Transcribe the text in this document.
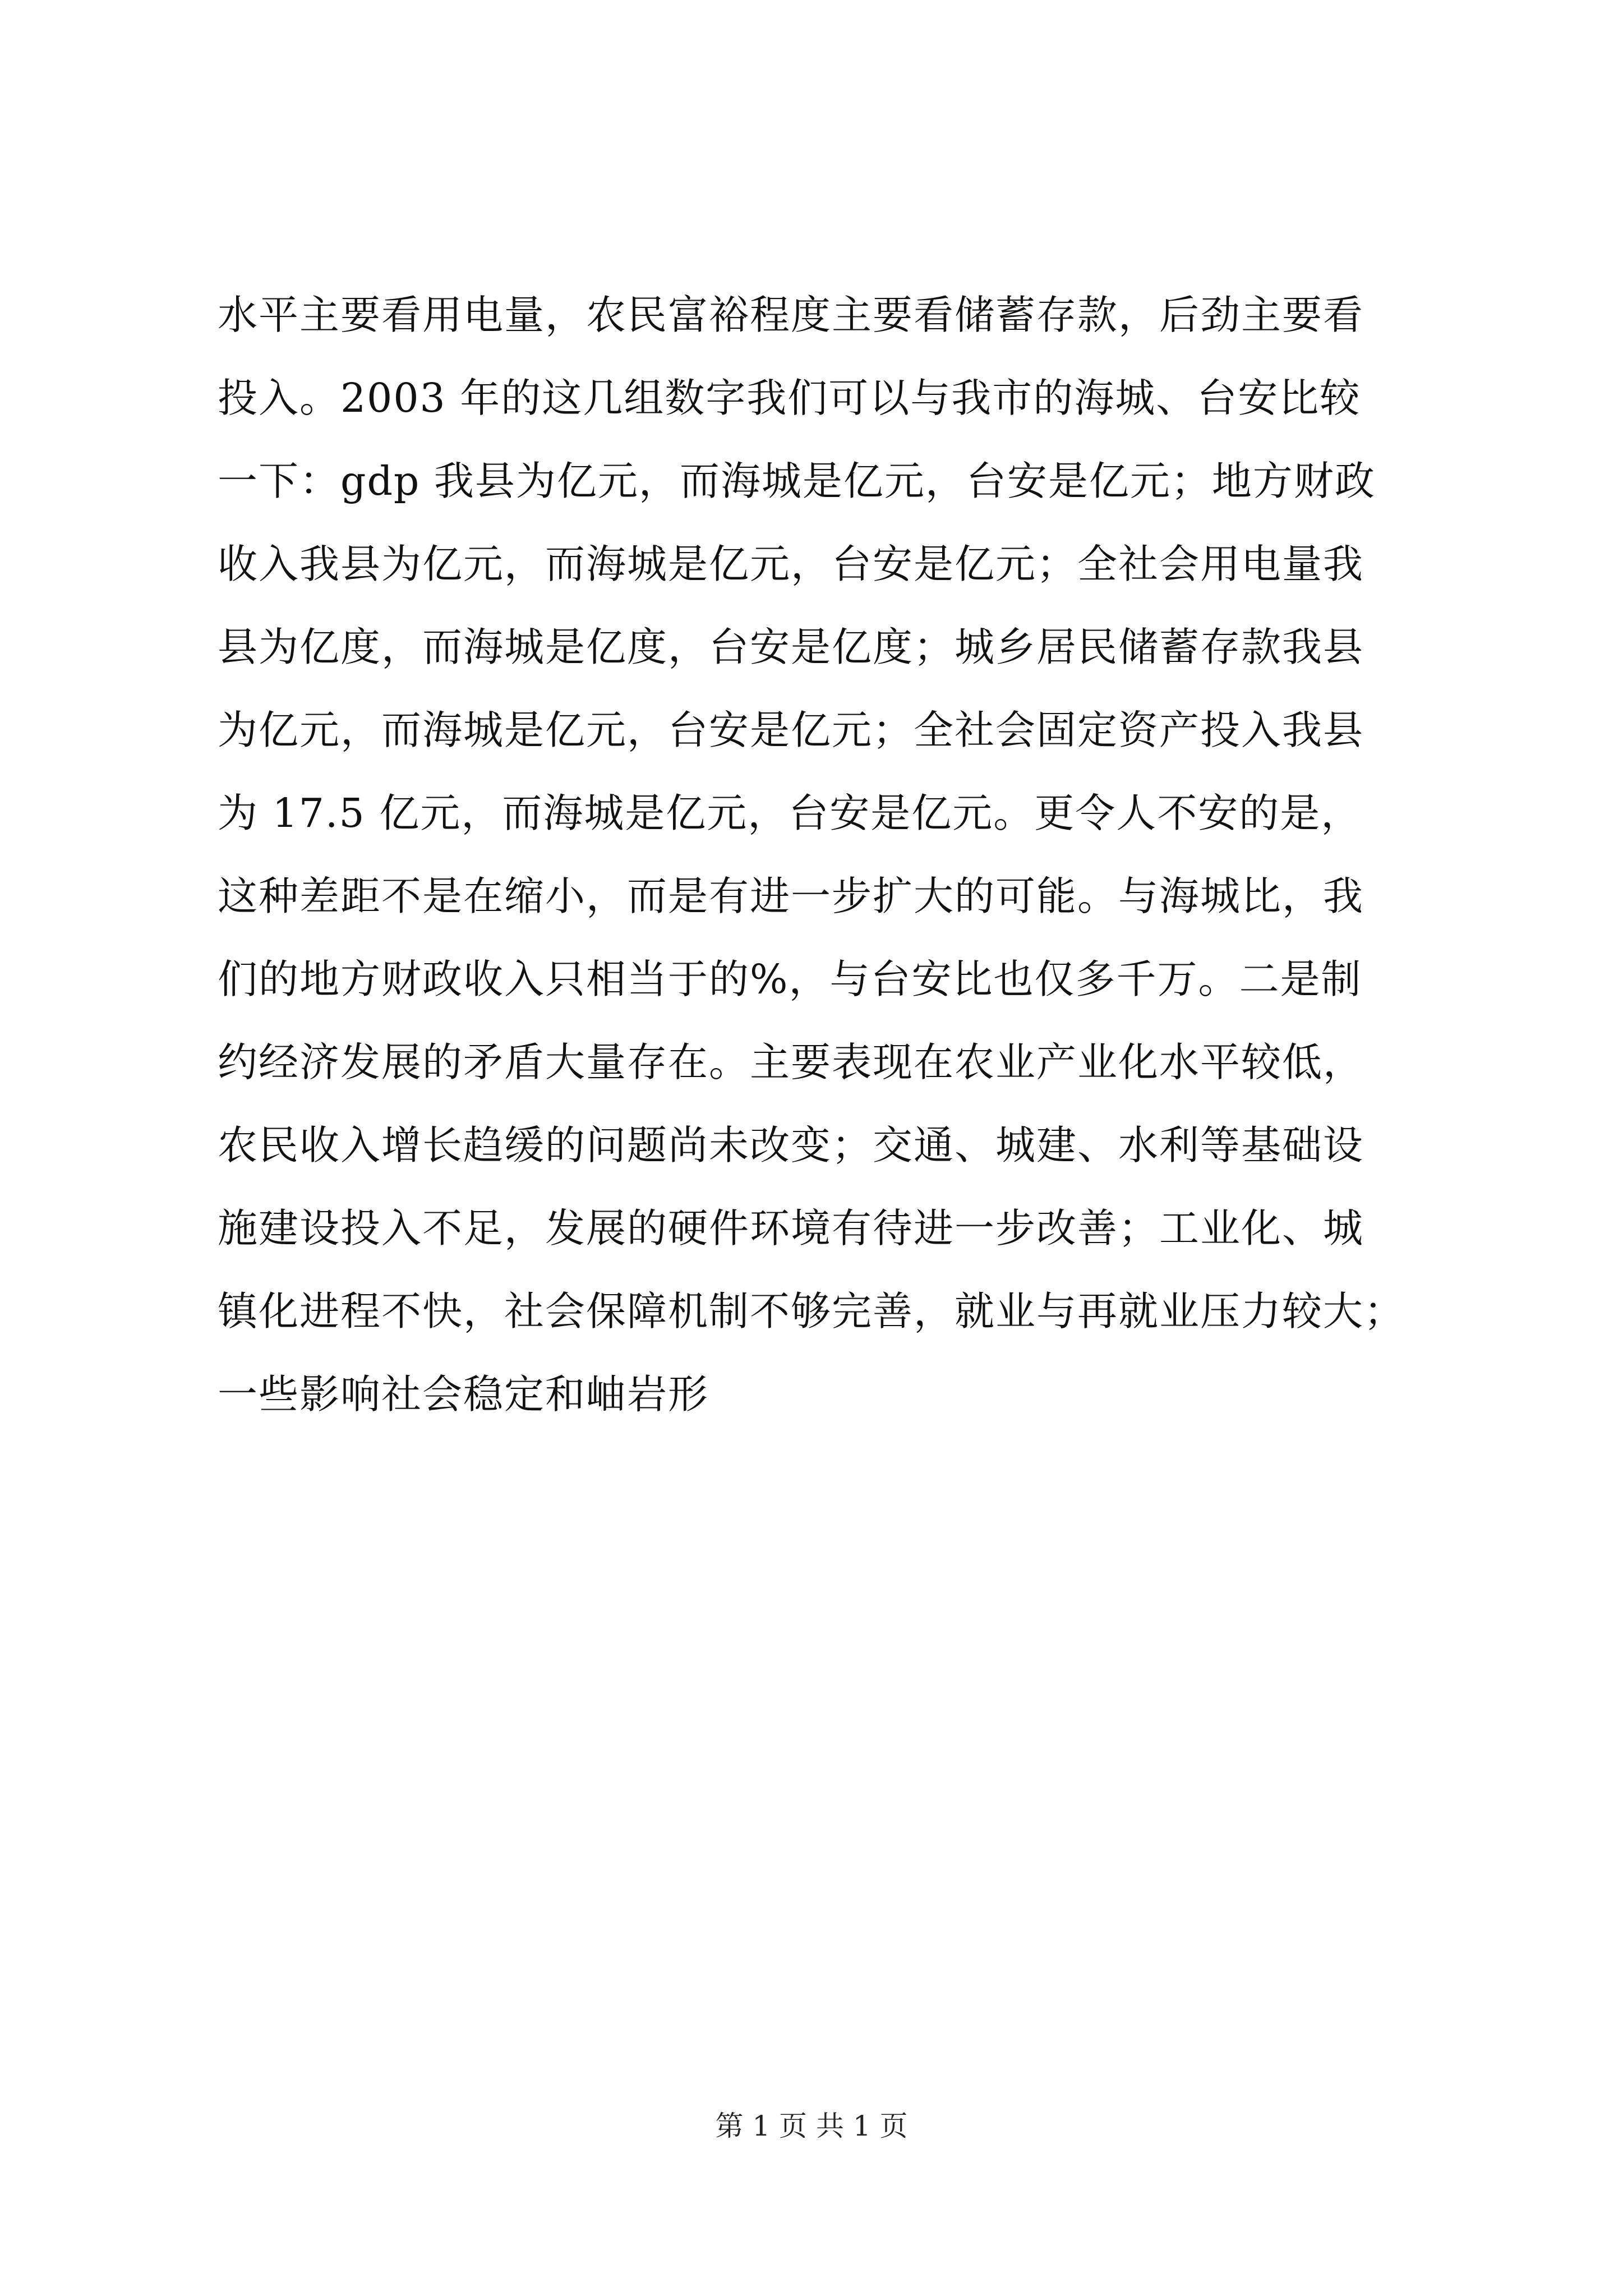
水平主要看用电量，农民富裕程度主要看储蓄存款，后劲主要看
投入。2003 年的这几组数字我们可以与我市的海城、台安比较
一下：gdp 我县为亿元，而海城是亿元，台安是亿元；地方财政
收入我县为亿元，而海城是亿元，台安是亿元；全社会用电量我
县为亿度，而海城是亿度，台安是亿度；城乡居民储蓄存款我县
为亿元，而海城是亿元，台安是亿元；全社会固定资产投入我县
为 17.5 亿元，而海城是亿元，台安是亿元。更令人不安的是，
这种差距不是在缩小，而是有进一步扩大的可能。与海城比，我
们的地方财政收入只相当于的%，与台安比也仅多千万。二是制
约经济发展的矛盾大量存在。主要表现在农业产业化水平较低，
农民收入增长趋缓的问题尚未改变；交通、城建、水利等基础设
施建设投入不足，发展的硬件环境有待进一步改善；工业化、城
镇化进程不快，社会保障机制不够完善，就业与再就业压力较大；
一些影响社会稳定和岫岩形
第 1 页 共 1 页
